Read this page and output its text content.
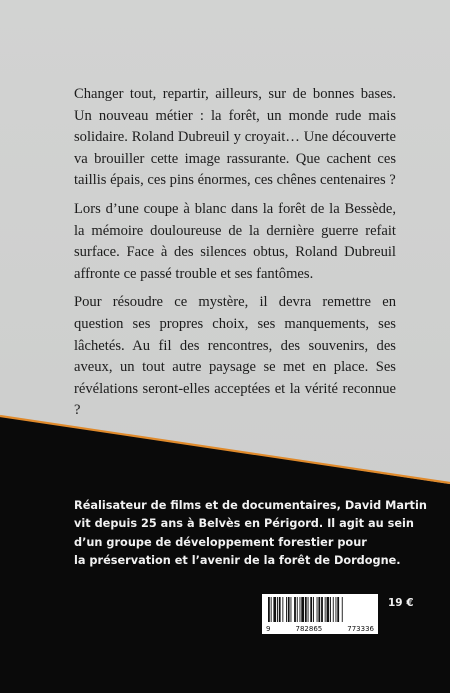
Changer tout, repartir, ailleurs, sur de bonnes bases. Un nouveau métier : la forêt, un monde rude mais solidaire. Roland Dubreuil y croyait… Une découverte va brouiller cette image rassurante. Que cachent ces taillis épais, ces pins énormes, ces chênes centenaires ?

Lors d’une coupe à blanc dans la forêt de la Bessède, la mémoire douloureuse de la dernière guerre refait surface. Face à des silences obtus, Roland Dubreuil affronte ce passé trouble et ses fantômes.

Pour résoudre ce mystère, il devra remettre en question ses propres choix, ses manquements, ses lâchetés. Au fil des rencontres, des souvenirs, des aveux, un tout autre paysage se met en place. Ses révélations seront-elles acceptées et la vérité reconnue ?

Réalisateur de films et de documentaires, David Martin
vit depuis 25 ans à Belvès en Périgord. Il agit au sein
d’un groupe de développement forestier pour
la préservation et l’avenir de la forêt de Dordogne.
9	782865	773336
19 €
